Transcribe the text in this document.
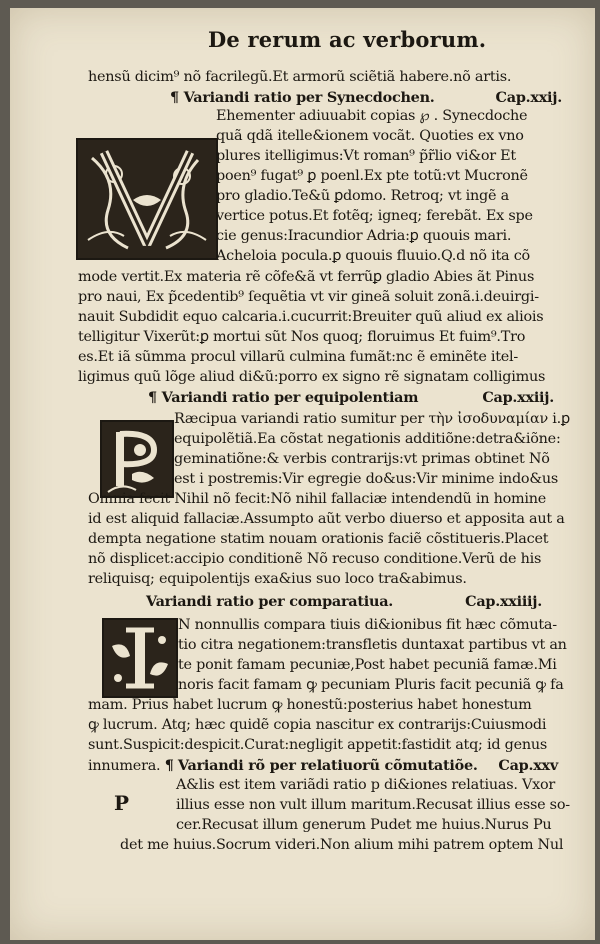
De rerum ac verborum.
hensũ dicim⁹ nõ facrilegũ.Et armorũ sciẽtiã habere.nõ artis.
¶ Variandi ratio per Synecdochen.	Cap.xxij.
Ehementer adiuuabit copias ℘ . Synecdoche
quã qdã itelle&ionem vocãt. Quoties ex vno
plures itelligimus:Vt roman⁹ p̃r̃lio vi&or Et
poen⁹ fugat⁹ ꝑ poenl.Ex pte totũ:vt Mucronẽ
pro gladio.Te&ũ ꝑdomo. Retroq; vt ingẽ a
vertice potus.Et fotẽq; igneq; ferebãt. Ex spe
cie genus:Iracundior Adria:ꝑ quouis mari.
Acheloia pocula.ꝑ quouis fluuio.Q.d nõ ita cõ
mode vertit.Ex materia rẽ cõfe&ã vt ferrũꝑ gladio Abies ãt Pinus
pro naui, Ex p̃cedentib⁹ ſequẽtia vt vir gineã soluit zonã.i.deuirgi-
nauit Subdidit equo calcaria.i.cucurrit:Breuiter quũ aliud ex aliois
telligitur Vixerũt:ꝑ mortui sũt Nos quoq; floruimus Et fuim⁹.Tro
es.Et iã sũmma procul villarũ culmina fumãt:nc ẽ eminẽte itel-
ligimus quũ lõge aliud di&ũ:porro ex signo rẽ signatam colligimus
¶ Variandi ratio per equipolentiam	Cap.xxiij.
Ræcipua variandi ratio sumitur per τὴν ἰσοδυναμίαν i.ꝑ
equipolẽtiã.Ea cõstat negationis additiõne:detra&iõne:
geminatiõne:& verbis contrarijs:vt primas obtinet Nõ
est i postremis:Vir egregie do&us:Vir minime indo&us
Omnia fecit Nihil nõ fecit:Nõ nihil fallaciæ intendendũ in homine
id est aliquid fallaciæ.Assumpto aũt verbo diuerso et apposita aut a
dempta negatione statim nouam orationis faciẽ cõstitueris.Placet
nõ displicet:accipio conditionẽ Nõ recuso conditione.Verũ de his
reliquisq; equipolentijs exa&ius suo loco tra&abimus.
Variandi ratio per comparatiua.	Cap.xxiiij.
N nonnullis compara tiuis di&ionibus fit hæc cõmuta-
tio citra negationem:transfletis duntaxat partibus vt an
te ponit famam pecuniæ,Post habet pecuniã famæ.Mi
noris facit famam ꝙ pecuniam Pluris facit pecuniã ꝙ fa
mam. Prius habet lucrum ꝙ honestũ:posterius habet honestum
ꝙ lucrum. Atq; hæc quidẽ copia nascitur ex contrarijs:Cuiusmodi
sunt.Suspicit:despicit.Curat:negligit appetit:fastidit atq; id genus
innumera. ¶ Variandi rõ per relatiuorũ cõmutatiõe. Cap.xxv
P
A&lis est item variãdi ratio p di&iones relatiuas. Vxor
illius esse non vult illum maritum.Recusat illius esse so-
cer.Recusat illum generum Pudet me huius.Nurus Pu
det me huius.Socrum videri.Non alium mihi patrem optem Nul
